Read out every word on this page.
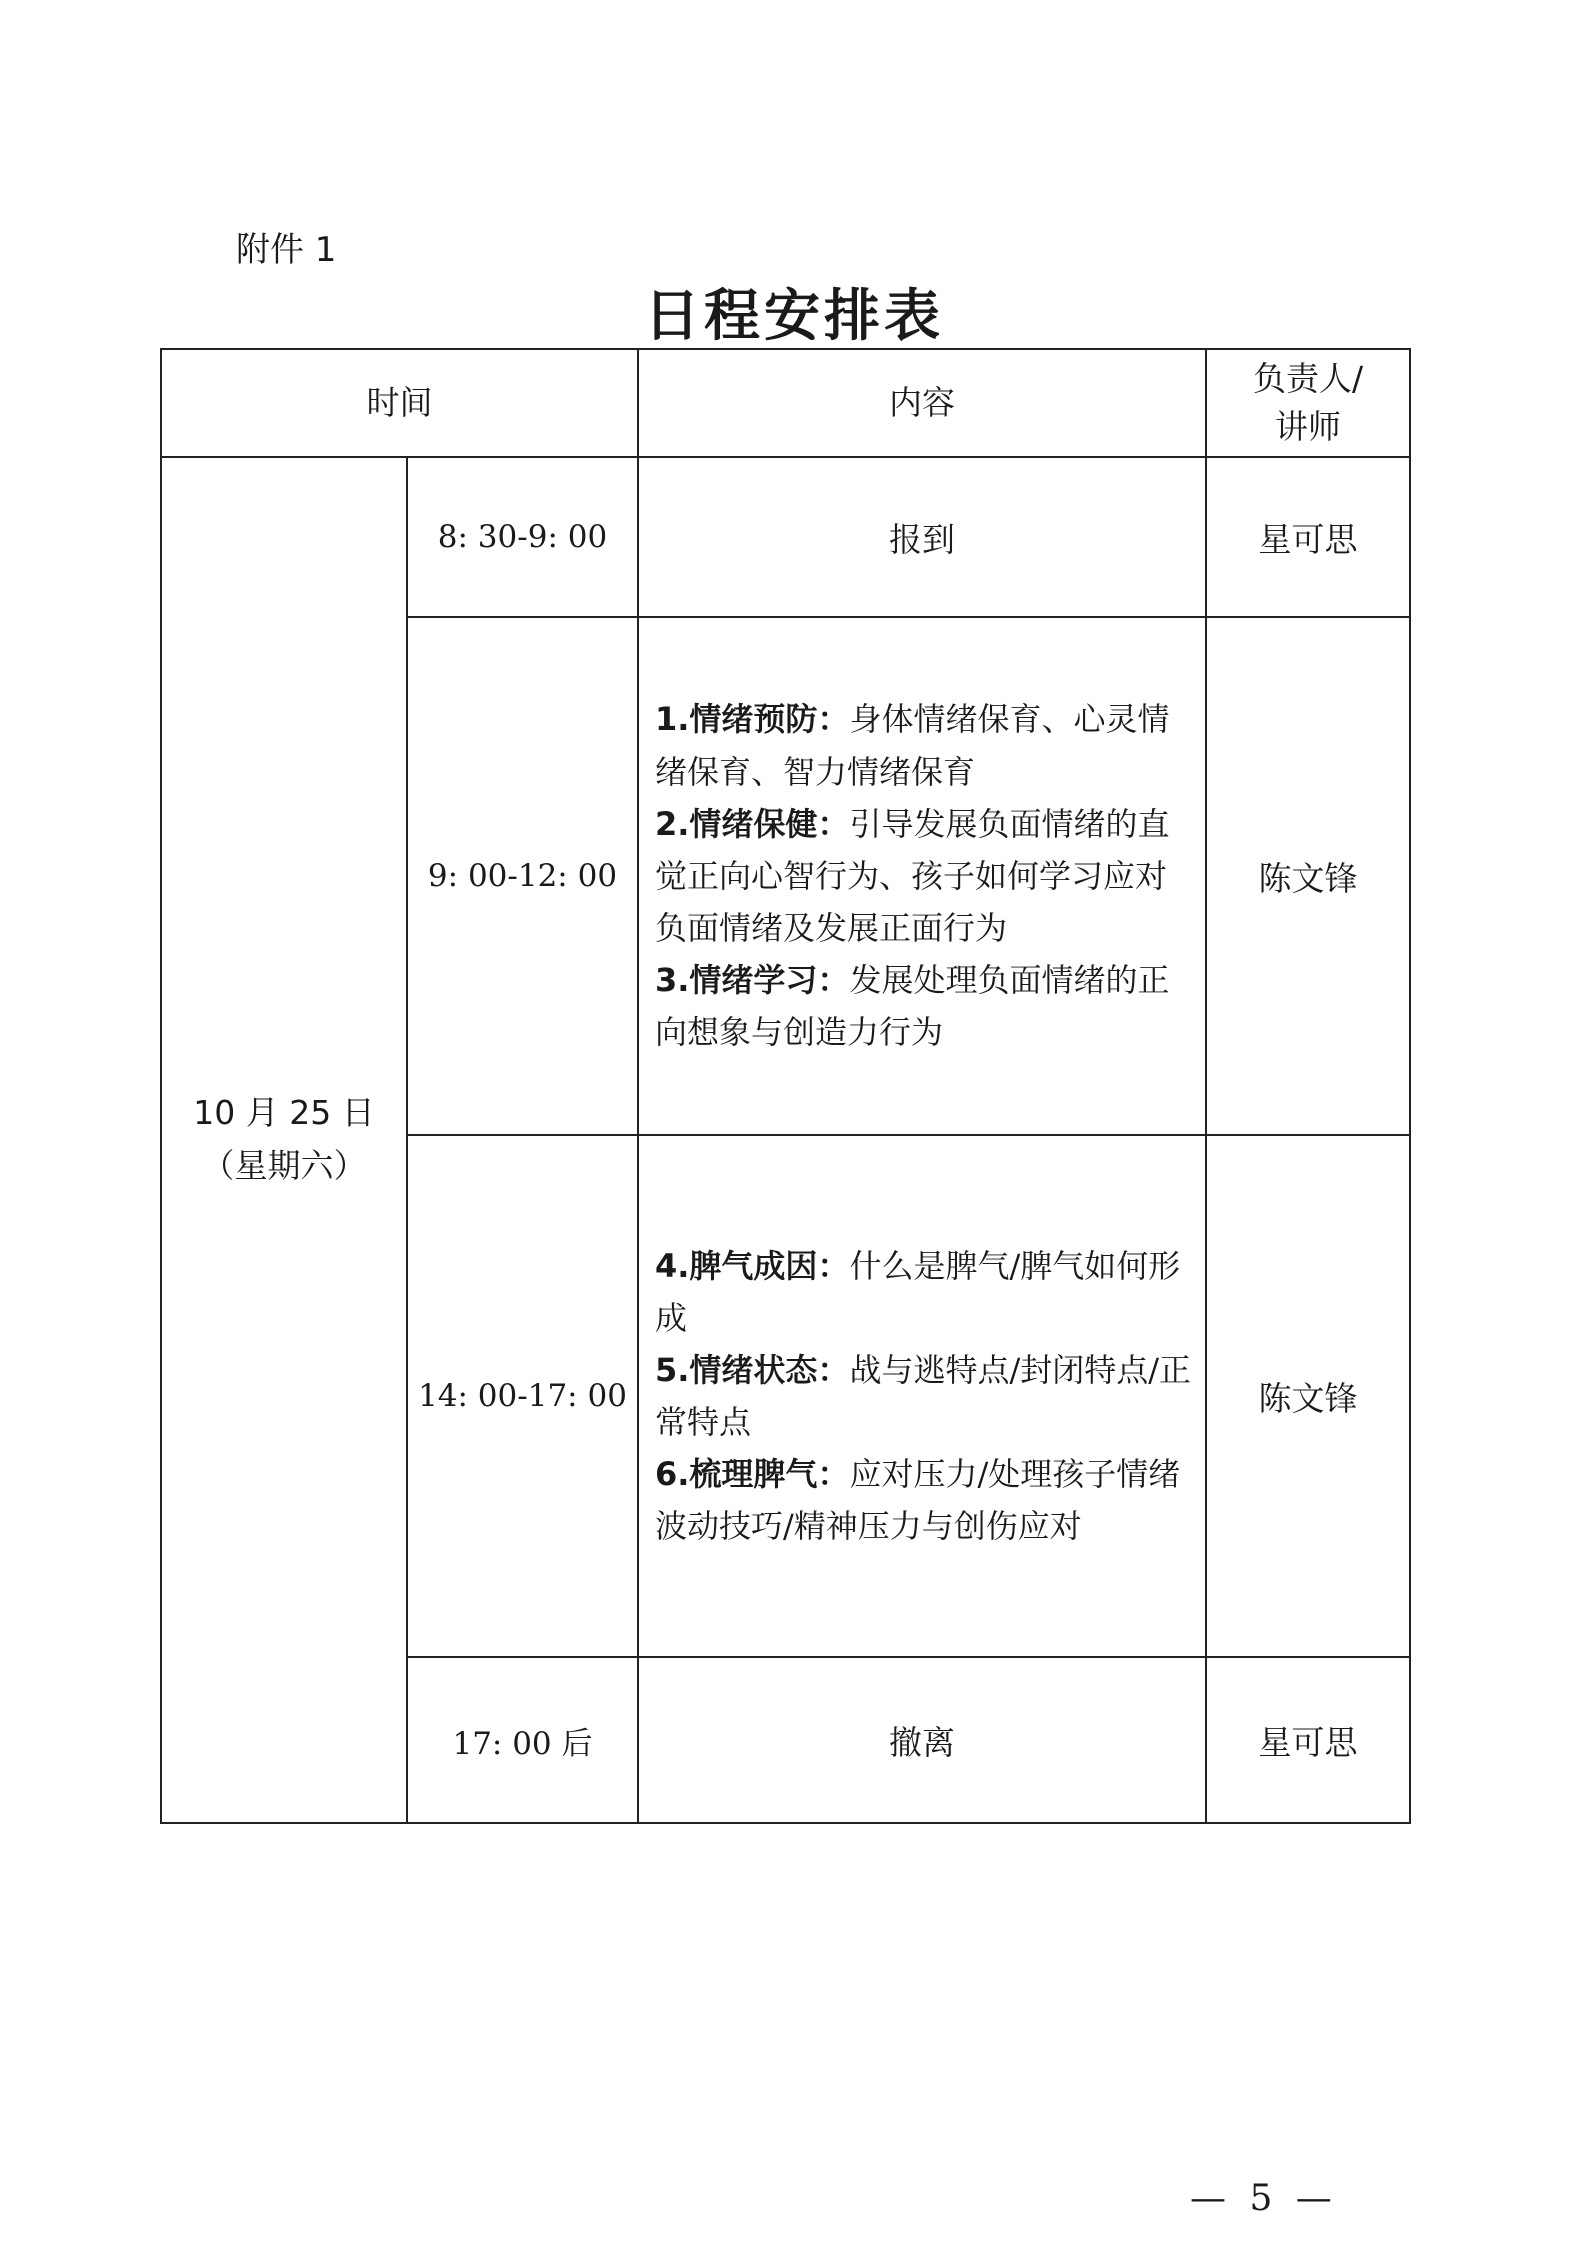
附件 1
日程安排表
时间		内容	负责人/
讲师
10 月 25 日
（星期六）	8: 30-9: 00	报到	星可思
	9: 00-12: 00	1.情绪预防：身体情绪保育、心灵情绪保育、智力情绪保育
2.情绪保健：引导发展负面情绪的直觉正向心智行为、孩子如何学习应对负面情绪及发展正面行为
3.情绪学习：发展处理负面情绪的正向想象与创造力行为	陈文锋
	14: 00-17: 00	4.脾气成因：什么是脾气/脾气如何形成
5.情绪状态：战与逃特点/封闭特点/正常特点
6.梳理脾气：应对压力/处理孩子情绪波动技巧/精神压力与创伤应对	陈文锋
	17: 00 后	撤离	星可思
— 5 —
